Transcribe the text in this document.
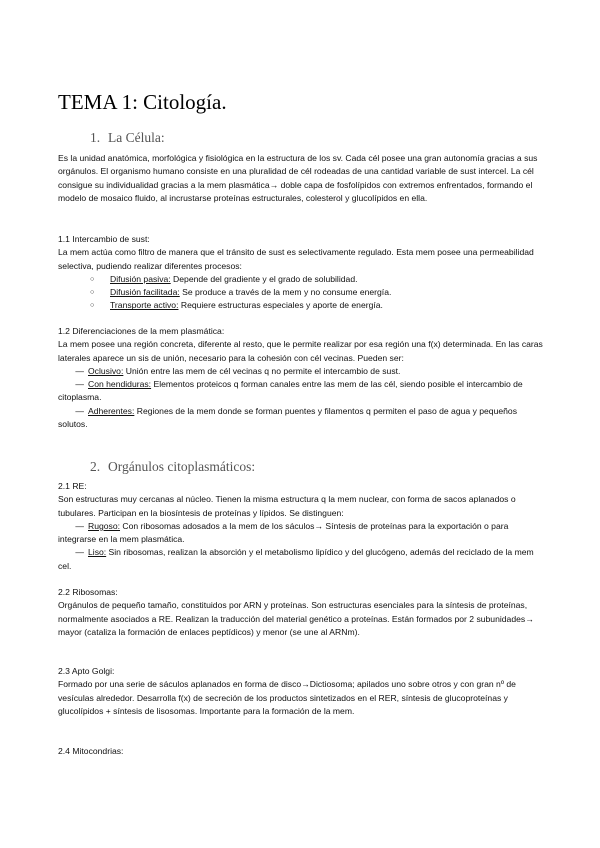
TEMA 1: Citología.
1. La Célula:

Es la unidad anatómica, morfológica y fisiológica en la estructura de los sv. Cada cél posee una gran autonomía gracias a sus orgánulos. El organismo humano consiste en una pluralidad de cél rodeadas de una cantidad variable de sust intercel. La cél consigue su individualidad gracias a la mem plasmática→ doble capa de fosfolípidos con extremos enfrentados, formando el modelo de mosaico fluido, al incrustarse proteínas estructurales, colesterol y glucolípidos en ella.

1.1 Intercambio de sust:

La mem actúa como filtro de manera que el tránsito de sust es selectivamente regulado. Esta mem posee una permeabilidad selectiva, pudiendo realizar diferentes procesos:

○ Difusión pasiva: Depende del gradiente y el grado de solubilidad.
○ Difusión facilitada: Se produce a través de la mem y no consume energía.
○ Transporte activo: Requiere estructuras especiales y aporte de energía.

1.2 Diferenciaciones de la mem plasmática:

La mem posee una región concreta, diferente al resto, que le permite realizar por esa región una f(x) determinada. En las caras laterales aparece un sis de unión, necesario para la cohesión con cél vecinas. Pueden ser:

— Oclusivo: Unión entre las mem de cél vecinas q no permite el intercambio de sust.

— Con hendiduras: Elementos proteicos q forman canales entre las mem de las cél, siendo posible el intercambio de citoplasma.

— Adherentes: Regiones de la mem donde se forman puentes y filamentos q permiten el paso de agua y pequeños solutos.

2. Orgánulos citoplasmáticos:

2.1 RE:

Son estructuras muy cercanas al núcleo. Tienen la misma estructura q la mem nuclear, con forma de sacos aplanados o tubulares. Participan en la biosíntesis de proteínas y lípidos. Se distinguen:

— Rugoso: Con ribosomas adosados a la mem de los sáculos→ Síntesis de proteínas para la exportación o para integrarse en la mem plasmática.

— Liso: Sin ribosomas, realizan la absorción y el metabolismo lipídico y del glucógeno, además del reciclado de la mem cel.

2.2 Ribosomas:

Orgánulos de pequeño tamaño, constituidos por ARN y proteínas. Son estructuras esenciales para la síntesis de proteínas, normalmente asociados a RE. Realizan la traducción del material genético a proteínas. Están formados por 2 subunidades→ mayor (cataliza la formación de enlaces peptídicos) y menor (se une al ARNm).

2.3 Apto Golgi:

Formado por una serie de sáculos aplanados en forma de disco→Dictiosoma; apilados uno sobre otros y con gran nº de vesículas alrededor. Desarrolla f(x) de secreción de los productos sintetizados en el RER, síntesis de glucoproteínas y glucolípidos + síntesis de lisosomas. Importante para la formación de la mem.

2.4 Mitocondrias:
